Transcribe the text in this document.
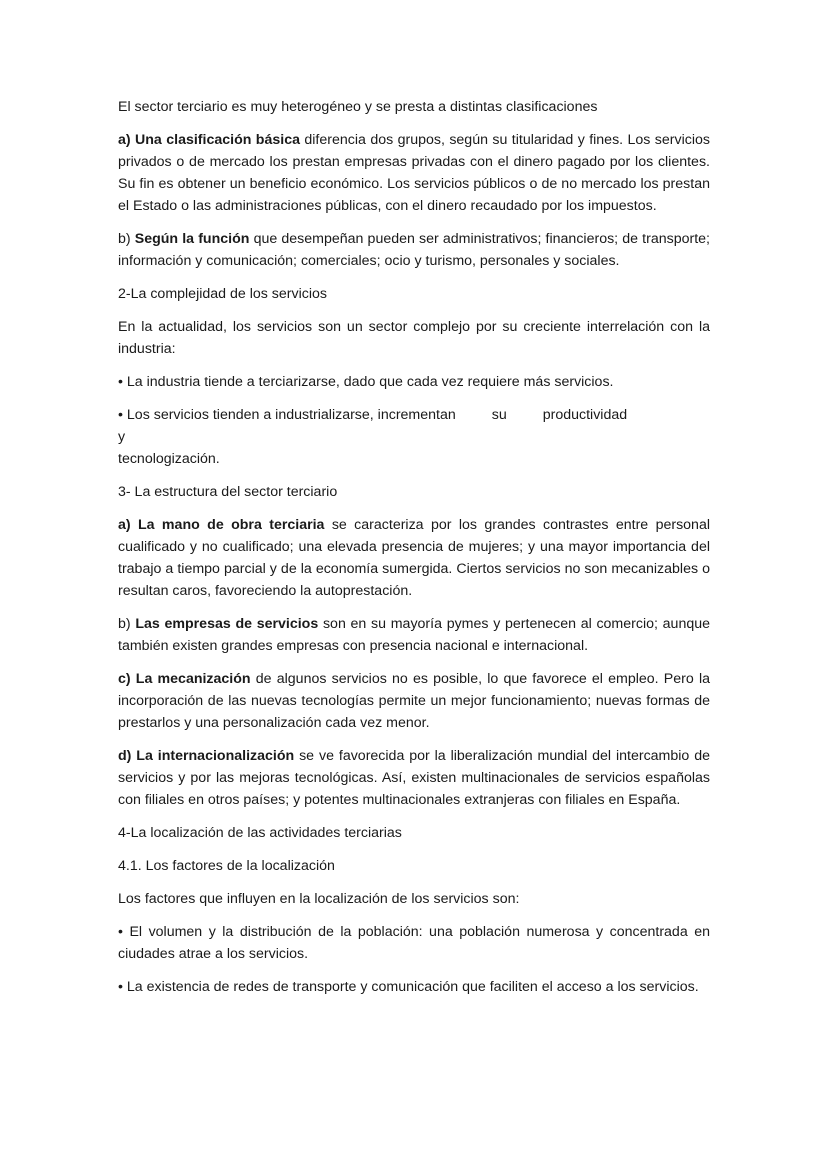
El sector terciario es muy heterogéneo y se presta a distintas clasificaciones

a) Una clasificación básica diferencia dos grupos, según su titularidad y fines. Los servicios privados o de mercado los prestan empresas privadas con el dinero pagado por los clientes. Su fin es obtener un beneficio económico. Los servicios públicos o de no mercado los prestan el Estado o las administraciones públicas, con el dinero recaudado por los impuestos.

b) Según la función que desempeñan pueden ser administrativos; financieros; de transporte; información y comunicación; comerciales; ocio y turismo, personales y sociales.

2-La complejidad de los servicios

En la actualidad, los servicios son un sector complejo por su creciente interrelación con la industria:

• La industria tiende a terciarizarse, dado que cada vez requiere más servicios.

• Los servicios tienden a industrializarse, incrementan	su	productividady
tecnologización.

3- La estructura del sector terciario

a) La mano de obra terciaria se caracteriza por los grandes contrastes entre personal cualificado y no cualificado; una elevada presencia de mujeres; y una mayor importancia del trabajo a tiempo parcial y de la economía sumergida. Ciertos servicios no son mecanizables o resultan caros, favoreciendo la autoprestación.

b) Las empresas de servicios son en su mayoría pymes y pertenecen al comercio; aunque también existen grandes empresas con presencia nacional e internacional.

c) La mecanización de algunos servicios no es posible, lo que favorece el empleo. Pero la incorporación de las nuevas tecnologías permite un mejor funcionamiento; nuevas formas de prestarlos y una personalización cada vez menor.

d) La internacionalización se ve favorecida por la liberalización mundial del intercambio de servicios y por las mejoras tecnológicas. Así, existen multinacionales de servicios españolas con filiales en otros países; y potentes multinacionales extranjeras con filiales en España.

4-La localización de las actividades terciarias

4.1. Los factores de la localización

Los factores que influyen en la localización de los servicios son:

• El volumen y la distribución de la población: una población numerosa y concentrada en ciudades atrae a los servicios.

• La existencia de redes de transporte y comunicación que faciliten el acceso a los servicios.
